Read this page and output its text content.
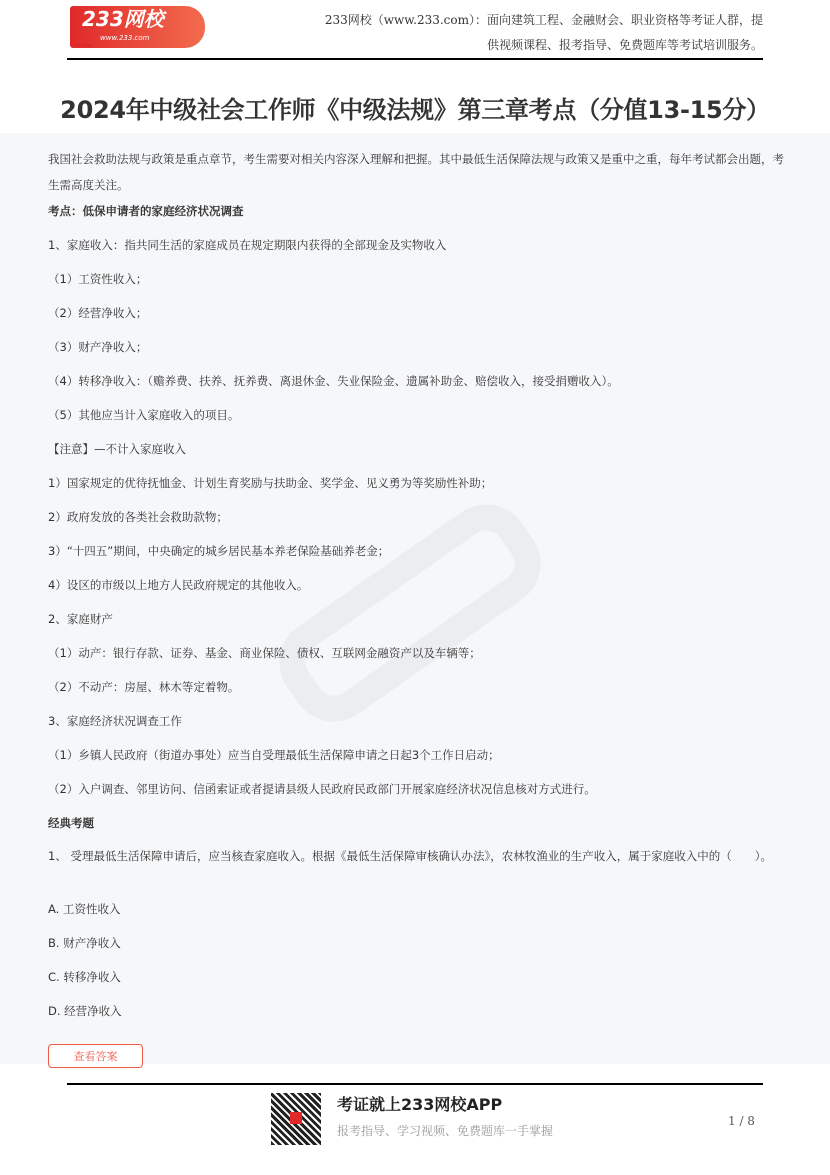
233网校
www.233.com
233网校（www.233.com）：面向建筑工程、金融财会、职业资格等考证人群，提
供视频课程、报考指导、免费题库等考试培训服务。
2024年中级社会工作师《中级法规》第三章考点（分值13-15分）

我国社会救助法规与政策是重点章节，考生需要对相关内容深入理解和把握。其中最低生活保障法规与政策又是重中之重，每年考试都会出题，考生需高度关注。

考点：低保申请者的家庭经济状况调查

1、家庭收入：指共同生活的家庭成员在规定期限内获得的全部现金及实物收入

（1）工资性收入；

（2）经营净收入；

（3）财产净收入；

（4）转移净收入：（赡养费、扶养、抚养费、离退休金、失业保险金、遗属补助金、赔偿收入，接受捐赠收入）。

（5）其他应当计入家庭收入的项目。

【注意】—不计入家庭收入

1）国家规定的优待抚恤金、计划生育奖励与扶助金、奖学金、见义勇为等奖励性补助；

2）政府发放的各类社会救助款物；

3）“十四五”期间，中央确定的城乡居民基本养老保险基础养老金；

4）设区的市级以上地方人民政府规定的其他收入。

2、家庭财产

（1）动产：银行存款、证券、基金、商业保险、债权、互联网金融资产以及车辆等；

（2）不动产：房屋、林木等定着物。

3、家庭经济状况调查工作

（1）乡镇人民政府（街道办事处）应当自受理最低生活保障申请之日起3个工作日启动；

（2）入户调查、邻里访问、信函索证或者提请县级人民政府民政部门开展家庭经济状况信息核对方式进行。

经典考题

1、 受理最低生活保障申请后，应当核查家庭收入。根据《最低生活保障审核确认办法》，农林牧渔业的生产收入，属于家庭收入中的（　　）。

A. 工资性收入

B. 财产净收入

C. 转移净收入

D. 经营净收入

查看答案
考证就上233网校APP
报考指导、学习视频、免费题库一手掌握
1 / 8
